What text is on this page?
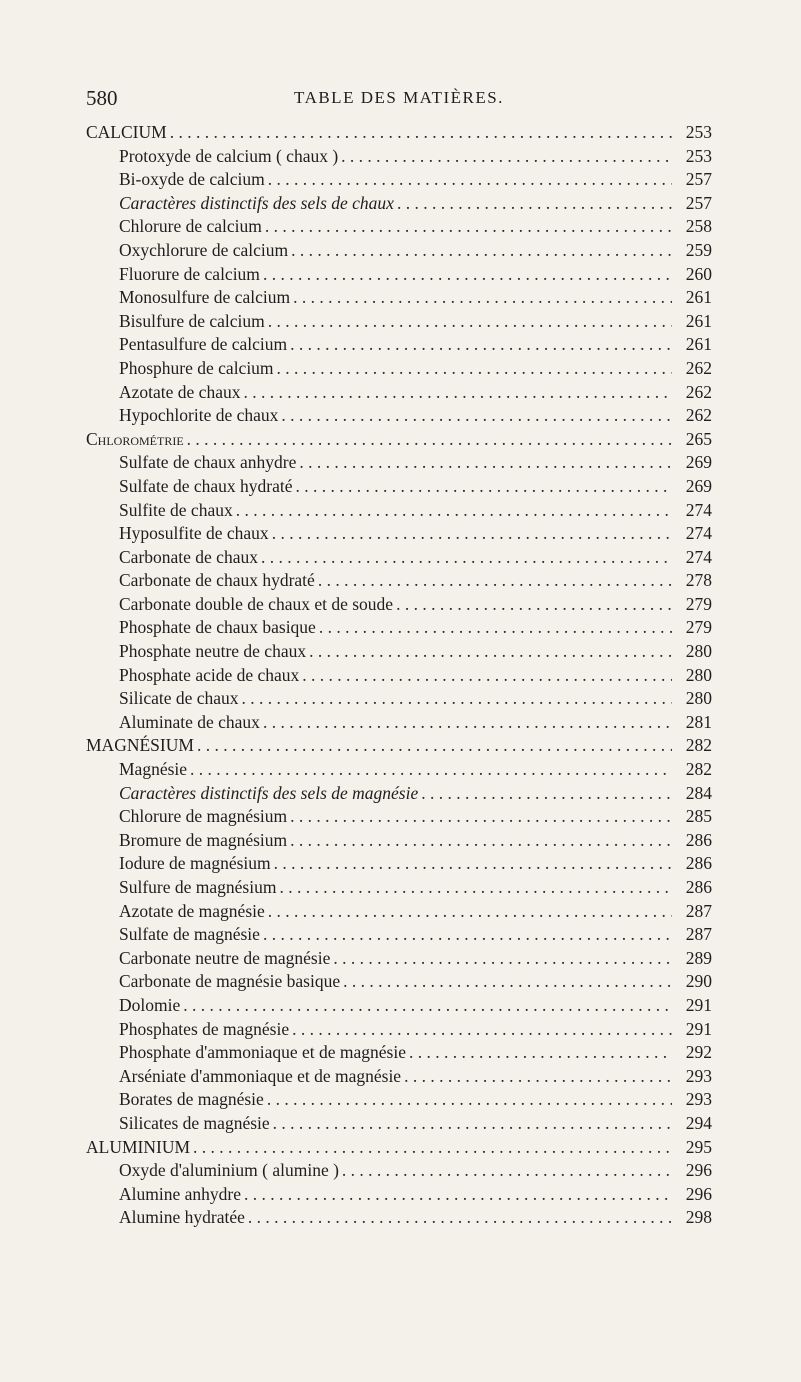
580	TABLE DES MATIÈRES.
CALCIUM . . .	253
Protoxyde de calcium ( chaux ) . . .	253
Bi-oxyde de calcium . . .	257
Caractères distinctifs des sels de chaux . . .	257
Chlorure de calcium . . .	258
Oxychlorure de calcium . . .	259
Fluorure de calcium . . .	260
Monosulfure de calcium . . .	261
Bisulfure de calcium . . .	261
Pentasulfure de calcium . . .	261
Phosphure de calcium . . .	262
Azotate de chaux . . .	262
Hypochlorite de chaux . . .	262
Chlorométrie . . .	265
Sulfate de chaux anhydre . . .	269
Sulfate de chaux hydraté . . .	269
Sulfite de chaux . . .	274
Hyposulfite de chaux . . .	274
Carbonate de chaux . . .	274
Carbonate de chaux hydraté . . .	278
Carbonate double de chaux et de soude . . .	279
Phosphate de chaux basique . . .	279
Phosphate neutre de chaux . . .	280
Phosphate acide de chaux . . .	280
Silicate de chaux . . .	280
Aluminate de chaux . . .	281
MAGNÉSIUM . . .	282
Magnésie . . .	282
Caractères distinctifs des sels de magnésie . . .	284
Chlorure de magnésium . . .	285
Bromure de magnésium . . .	286
Iodure de magnésium . . .	286
Sulfure de magnésium . . .	286
Azotate de magnésie . . .	287
Sulfate de magnésie . . .	287
Carbonate neutre de magnésie . . .	289
Carbonate de magnésie basique . . .	290
Dolomie . . .	291
Phosphates de magnésie . . .	291
Phosphate d'ammoniaque et de magnésie . . .	292
Arséniate d'ammoniaque et de magnésie . . .	293
Borates de magnésie . . .	293
Silicates de magnésie . . .	294
ALUMINIUM . . .	295
Oxyde d'aluminium ( alumine ) . . .	296
Alumine anhydre . . .	296
Alumine hydratée . . .	298
